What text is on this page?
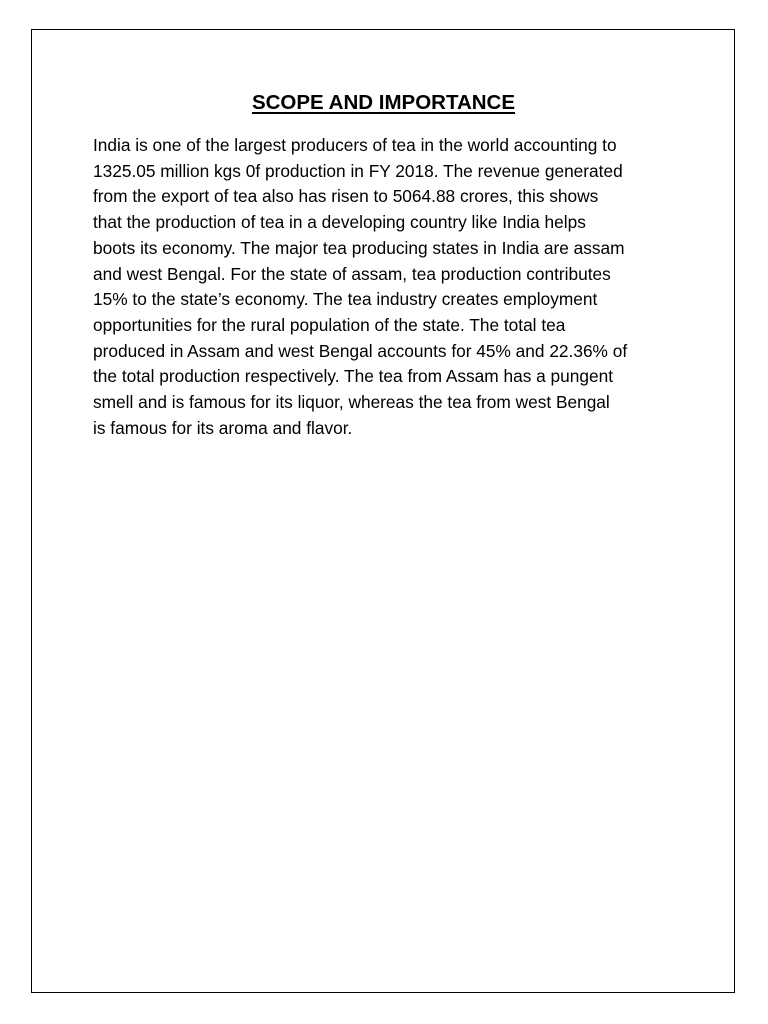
SCOPE AND IMPORTANCE

India is one of the largest producers of tea in the world accounting to
1325.05 million kgs 0f production in FY 2018. The revenue generated
from the export of tea also has risen to 5064.88 crores, this shows
that the production of tea in a developing country like India helps
boots its economy. The major tea producing states in India are assam
and west Bengal. For the state of assam, tea production contributes
15% to the state’s economy. The tea industry creates employment
opportunities for the rural population of the state. The total tea
produced in Assam and west Bengal accounts for 45% and 22.36% of
the total production respectively. The tea from Assam has a pungent
smell and is famous for its liquor, whereas the tea from west Bengal
is famous for its aroma and flavor.
